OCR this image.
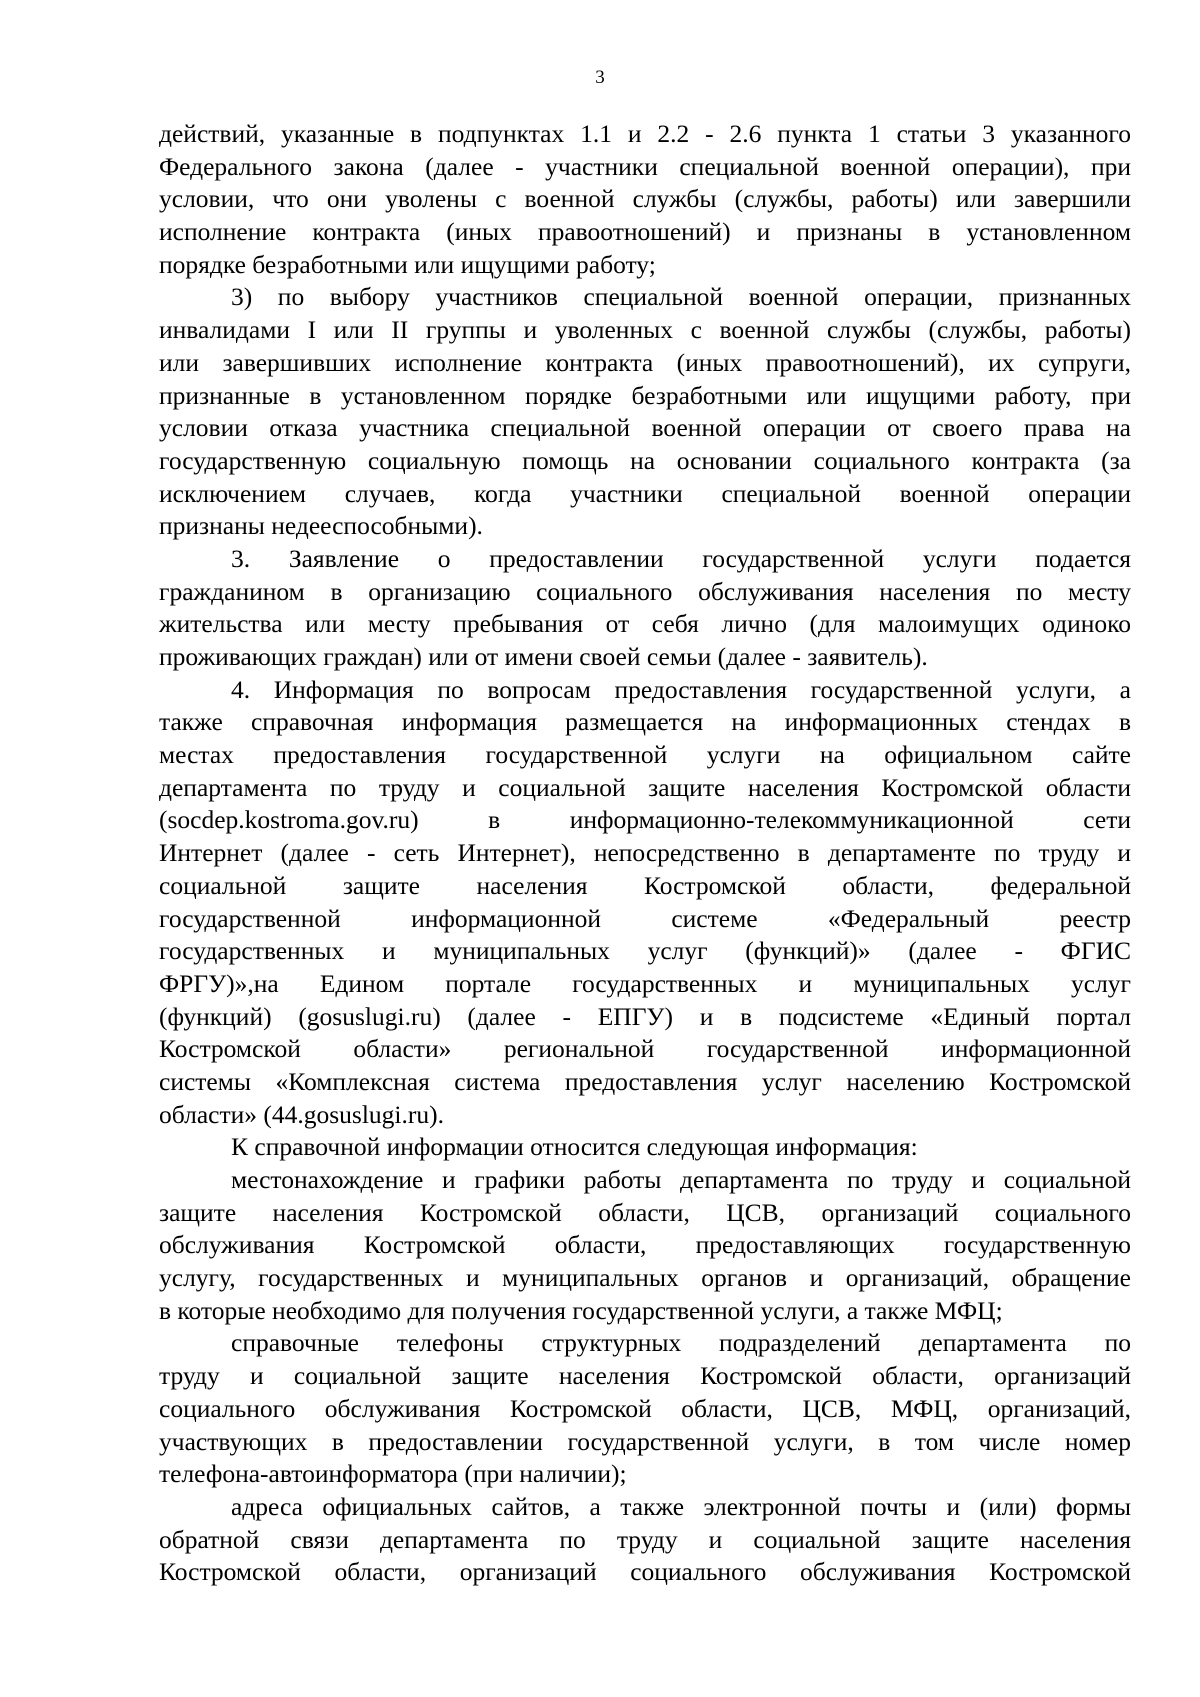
3
действий, указанные в подпунктах 1.1 и 2.2 - 2.6 пункта 1 статьи 3 указанного
Федерального закона (далее - участники специальной военной операции), при
условии, что они уволены с военной службы (службы, работы) или завершили
исполнение контракта (иных правоотношений) и признаны в установленном
порядке безработными или ищущими работу;
3) по выбору участников специальной военной операции, признанных
инвалидами I или II группы и уволенных с военной службы (службы, работы)
или завершивших исполнение контракта (иных правоотношений), их супруги,
признанные в установленном порядке безработными или ищущими работу, при
условии отказа участника специальной военной операции от своего права на
государственную социальную помощь на основании социального контракта (за
исключением случаев, когда участники специальной военной операции
признаны недееспособными).
3. Заявление о предоставлении государственной услуги подается
гражданином в организацию социального обслуживания населения по месту
жительства или месту пребывания от себя лично (для малоимущих одиноко
проживающих граждан) или от имени своей семьи (далее - заявитель).
4. Информация по вопросам предоставления государственной услуги, а
также справочная информация размещается на информационных стендах в
местах предоставления государственной услуги на официальном сайте
департамента по труду и социальной защите населения Костромской области
(socdep.kostroma.gov.ru) в информационно-телекоммуникационной сети
Интернет (далее - сеть Интернет), непосредственно в департаменте по труду и
социальной защите населения Костромской области, федеральной
государственной информационной системе «Федеральный реестр
государственных и муниципальных услуг (функций)» (далее - ФГИС
ФРГУ)»,на Едином портале государственных и муниципальных услуг
(функций) (gosuslugi.ru) (далее - ЕПГУ) и в подсистеме «Единый портал
Костромской области» региональной государственной информационной
системы «Комплексная система предоставления услуг населению Костромской
области» (44.gosuslugi.ru).
К справочной информации относится следующая информация:
местонахождение и графики работы департамента по труду и социальной
защите населения Костромской области, ЦСВ, организаций социального
обслуживания Костромской области, предоставляющих государственную
услугу, государственных и муниципальных органов и организаций, обращение
в которые необходимо для получения государственной услуги, а также МФЦ;
справочные телефоны структурных подразделений департамента по
труду и социальной защите населения Костромской области, организаций
социального обслуживания Костромской области, ЦСВ, МФЦ, организаций,
участвующих в предоставлении государственной услуги, в том числе номер
телефона-автоинформатора (при наличии);
адреса официальных сайтов, а также электронной почты и (или) формы
обратной связи департамента по труду и социальной защите населения
Костромской области, организаций социального обслуживания Костромской
